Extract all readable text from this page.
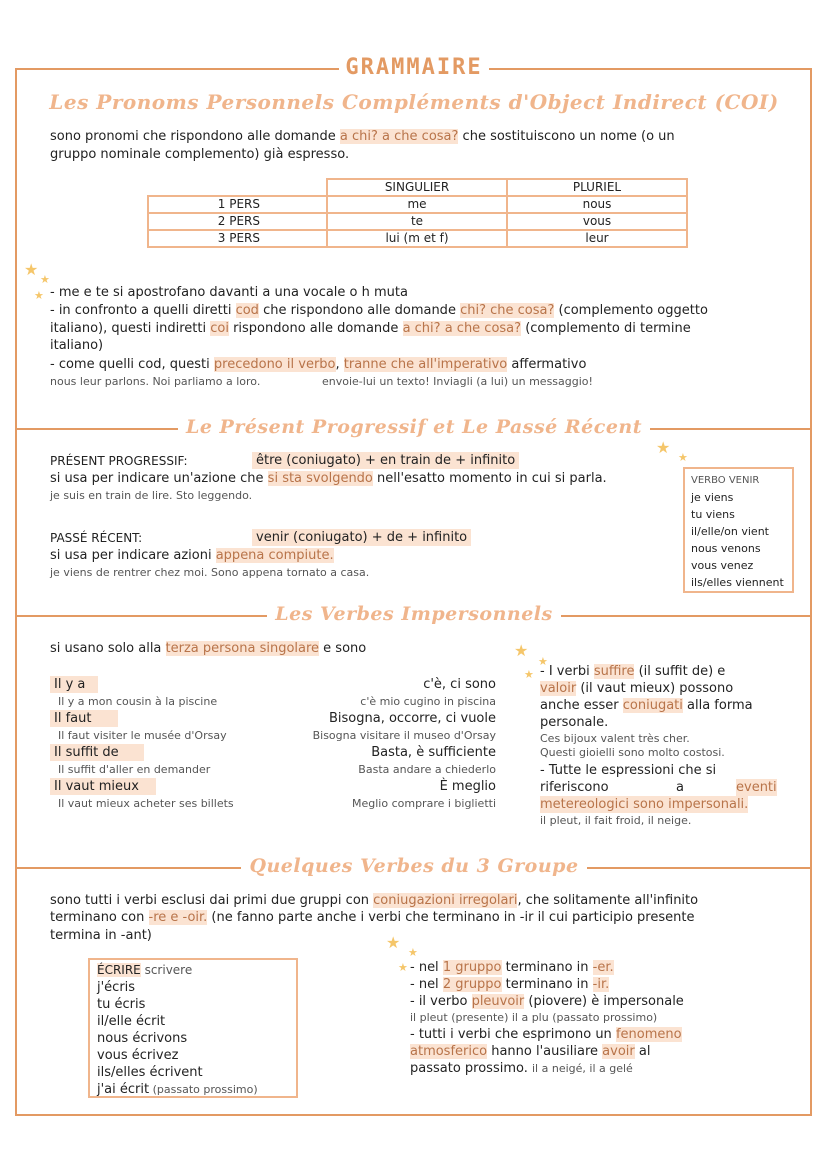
GRAMMAIRE
Les Pronoms Personnels Compléments d'Object Indirect (COI)
sono pronomi che rispondono alle domande a chi? a che cosa? che sostituiscono un nome (o un
gruppo nominale complemento) già espresso.
	SINGULIER	PLURIEL
1 PERS	me	nous
2 PERS	te	vous
3 PERS	lui (m et f)	leur
★
★
★ - me e te si apostrofano davanti a una vocale o h muta
- in confronto a quelli diretti cod che rispondono alle domande chi? che cosa? (complemento oggetto
italiano), questi indiretti coi rispondono alle domande a chi? a che cosa? (complemento di termine
italiano)
- come quelli cod, questi precedono il verbo, tranne che all'imperativo affermativo
nous leur parlons. Noi parliamo a loro.	envoie-lui un texto! Inviagli (a lui) un messaggio!
Le Présent Progressif et Le Passé Récent
★
★
PRÉSENT PROGRESSIF:	être (coniugato) + en train de + infinito
si usa per indicare un'azione che si sta svolgendo nell'esatto momento in cui si parla.
je suis en train de lire. Sto leggendo.
PASSÉ RÉCENT:	venir (coniugato) + de + infinito
si usa per indicare azioni appena compiute.
je viens de rentrer chez moi. Sono appena tornato a casa.
VERBO VENIR
je viens
tu viens
il/elle/on vient
nous venons
vous venez
ils/elles viennent
Les Verbes Impersonnels
si usano solo alla terza persona singolare e sono
Il y a	c'è, ci sono
Il y a mon cousin à la piscine	c'è mio cugino in piscina
Il faut	Bisogna, occorre, ci vuole
Il faut visiter le musée d'Orsay	Bisogna visitare il museo d'Orsay
Il suffit de	Basta, è sufficiente
Il suffit d'aller en demander	Basta andare a chiederlo
Il vaut mieux	È meglio
Il vaut mieux acheter ses billets	Meglio comprare i biglietti
★
★
★ - I verbi suffire (il suffit de) e
valoir (il vaut mieux) possono
anche esser coniugati alla forma
personale.
Ces bijoux valent très cher.
Questi gioielli sono molto costosi.
- Tutte le espressioni che si
riferiscono	a	eventi
metereologici sono impersonali.
il pleut, il fait froid, il neige.
Quelques Verbes du 3 Groupe
sono tutti i verbi esclusi dai primi due gruppi con coniugazioni irregolari, che solitamente all'infinito
terminano con -re e -oir. (ne fanno parte anche i verbi che terminano in -ir il cui participio presente
termina in -ant)
ÉCRIRE scrivere
j'écris
tu écris
il/elle écrit
nous écrivons
vous écrivez
ils/elles écrivent
j'ai écrit (passato prossimo)
★
★
★ - nel 1 gruppo terminano in -er.
- nel 2 gruppo terminano in -ir.
- il verbo pleuvoir (piovere) è impersonale
il pleut (presente) il a plu (passato prossimo)
- tutti i verbi che esprimono un fenomeno
atmosferico hanno l'ausiliare avoir al
passato prossimo. il a neigé, il a gelé
